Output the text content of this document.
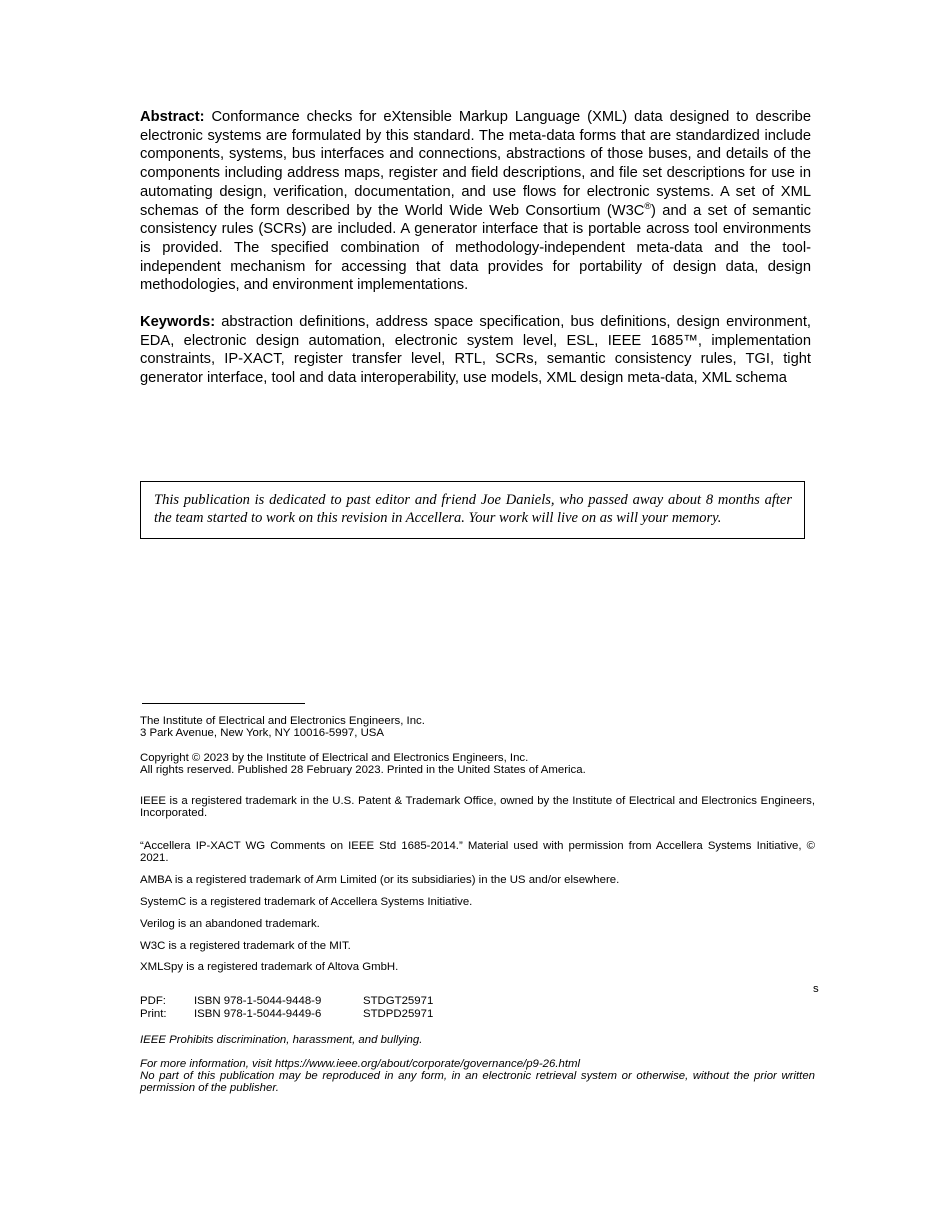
Abstract: Conformance checks for eXtensible Markup Language (XML) data designed to describe electronic systems are formulated by this standard. The meta-data forms that are standardized include components, systems, bus interfaces and connections, abstractions of those buses, and details of the components including address maps, register and field descriptions, and file set descriptions for use in automating design, verification, documentation, and use flows for electronic systems. A set of XML schemas of the form described by the World Wide Web Consortium (W3C®) and a set of semantic consistency rules (SCRs) are included. A generator interface that is portable across tool environments is provided. The specified combination of methodology-independent meta-data and the tool-independent mechanism for accessing that data provides for portability of design data, design methodologies, and environment implementations.

Keywords: abstraction definitions, address space specification, bus definitions, design environment, EDA, electronic design automation, electronic system level, ESL, IEEE 1685™, implementation constraints, IP-XACT, register transfer level, RTL, SCRs, semantic consistency rules, TGI, tight generator interface, tool and data interoperability, use models, XML design meta-data, XML schema

This publication is dedicated to past editor and friend Joe Daniels, who passed away about 8 months after the team started to work on this revision in Accellera. Your work will live on as will your memory.

The Institute of Electrical and Electronics Engineers, Inc.

3 Park Avenue, New York, NY 10016-5997, USA

Copyright © 2023 by the Institute of Electrical and Electronics Engineers, Inc.

All rights reserved. Published 28 February 2023. Printed in the United States of America.

IEEE is a registered trademark in the U.S. Patent & Trademark Office, owned by the Institute of Electrical and Electronics Engineers, Incorporated.

“Accellera IP-XACT WG Comments on IEEE Std 1685-2014.” Material used with permission from Accellera Systems Initiative, © 2021.

AMBA is a registered trademark of Arm Limited (or its subsidiaries) in the US and/or elsewhere.

SystemC is a registered trademark of Accellera Systems Initiative.

Verilog is an abandoned trademark.

W3C is a registered trademark of the MIT.

XMLSpy is a registered trademark of Altova GmbH.

s
PDF: ISBN 978-1-5044-9448-9	STDGT25971
Print: ISBN 978-1-5044-9449-6	STDPD25971

IEEE Prohibits discrimination, harassment, and bullying.

For more information, visit https://www.ieee.org/about/corporate/governance/p9-26.html

No part of this publication may be reproduced in any form, in an electronic retrieval system or otherwise, without the prior written permission of the publisher.
